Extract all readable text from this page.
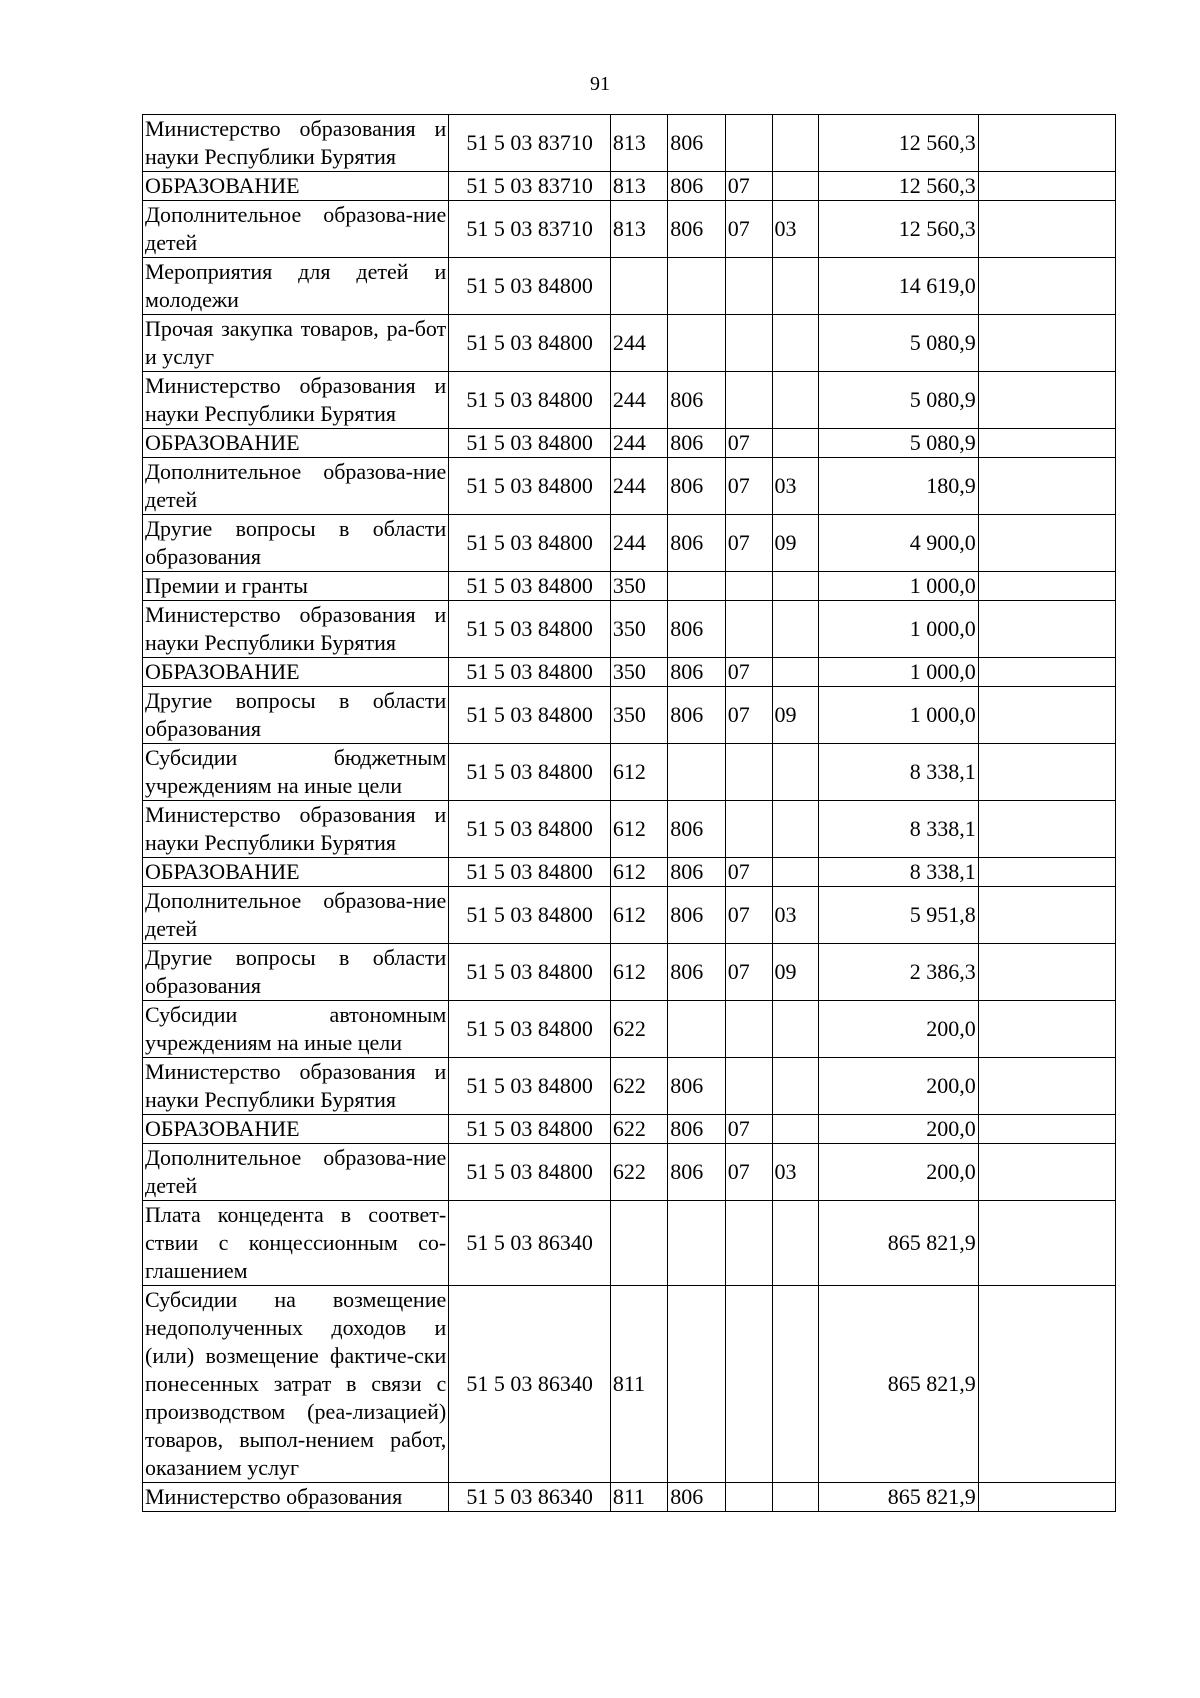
91
Министерство образования и науки Республики Бурятия	51 5 03 83710	813	806			12 560,3	
ОБРАЗОВАНИЕ	51 5 03 83710	813	806	07		12 560,3	
Дополнительное образова-ние детей	51 5 03 83710	813	806	07	03	12 560,3	
Мероприятия для детей и молодежи	51 5 03 84800					14 619,0	
Прочая закупка товаров, ра-бот и услуг	51 5 03 84800	244				5 080,9	
Министерство образования и науки Республики Бурятия	51 5 03 84800	244	806			5 080,9	
ОБРАЗОВАНИЕ	51 5 03 84800	244	806	07		5 080,9	
Дополнительное образова-ние детей	51 5 03 84800	244	806	07	03	180,9	
Другие вопросы в области образования	51 5 03 84800	244	806	07	09	4 900,0	
Премии и гранты	51 5 03 84800	350				1 000,0	
Министерство образования и науки Республики Бурятия	51 5 03 84800	350	806			1 000,0	
ОБРАЗОВАНИЕ	51 5 03 84800	350	806	07		1 000,0	
Другие вопросы в области образования	51 5 03 84800	350	806	07	09	1 000,0	
Субсидии бюджетным учреждениям на иные цели	51 5 03 84800	612				8 338,1	
Министерство образования и науки Республики Бурятия	51 5 03 84800	612	806			8 338,1	
ОБРАЗОВАНИЕ	51 5 03 84800	612	806	07		8 338,1	
Дополнительное образова-ние детей	51 5 03 84800	612	806	07	03	5 951,8	
Другие вопросы в области образования	51 5 03 84800	612	806	07	09	2 386,3	
Субсидии автономным учреждениям на иные цели	51 5 03 84800	622				200,0	
Министерство образования и науки Республики Бурятия	51 5 03 84800	622	806			200,0	
ОБРАЗОВАНИЕ	51 5 03 84800	622	806	07		200,0	
Дополнительное образова-ние детей	51 5 03 84800	622	806	07	03	200,0	
Плата концедента в соответ-ствии с концессионным со-глашением	51 5 03 86340					865 821,9	
Субсидии на возмещение недополученных доходов и (или) возмещение фактиче-ски понесенных затрат в связи с производством (реа-лизацией) товаров, выпол-нением работ, оказанием услуг	51 5 03 86340	811				865 821,9	
Министерство образования	51 5 03 86340	811	806			865 821,9	
